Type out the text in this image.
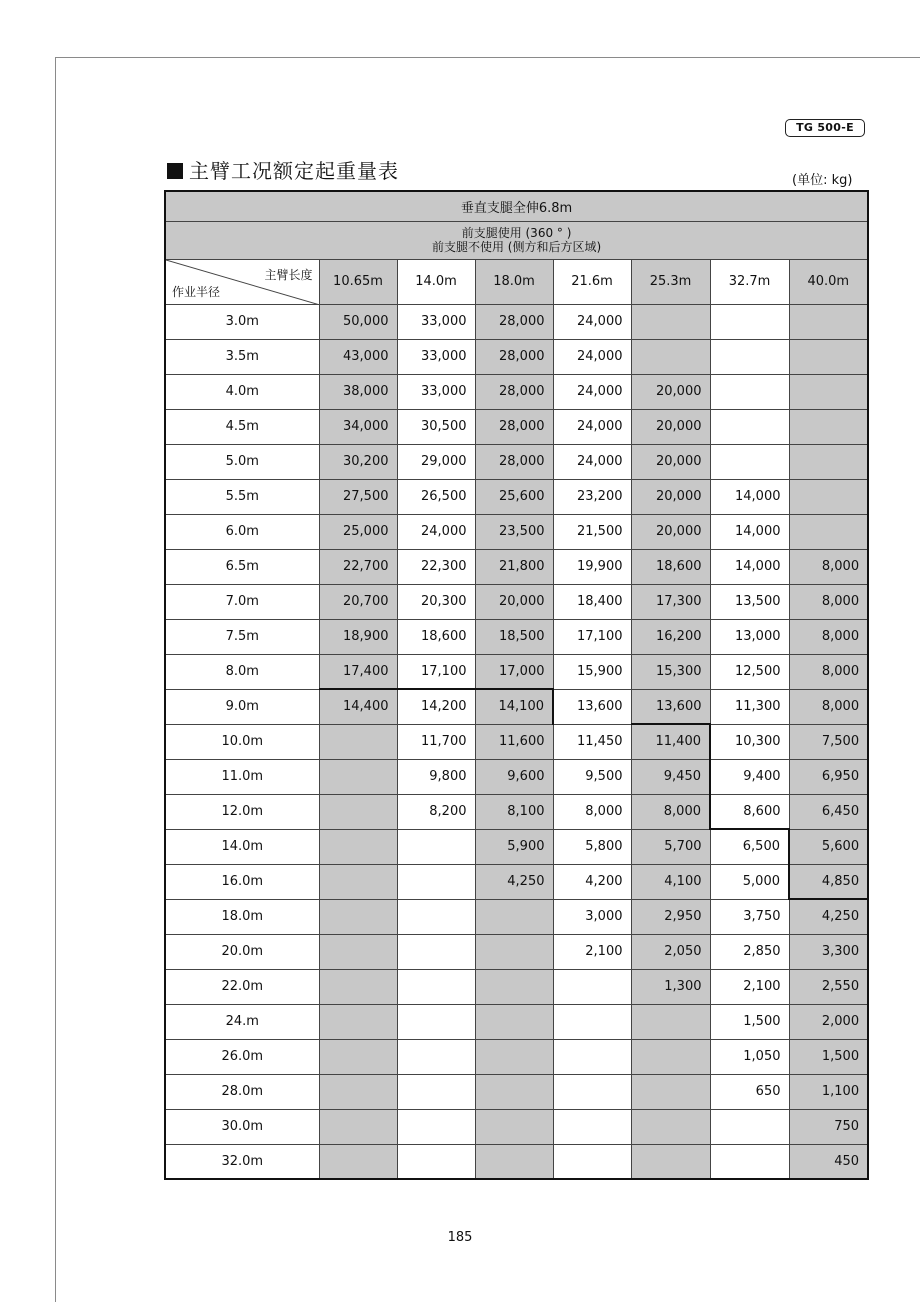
TG 500-E
主臂工况额定起重量表	(单位: kg)
垂直支腿全伸6.8m							

前支腿使用 (360 ° )
前支腿不使用 (侧方和后方区域)							

主臂长度
作业半径	10.65m	14.0m	18.0m	21.6m	25.3m	32.7m	40.0m
3.0m	50,000	33,000	28,000	24,000			
3.5m	43,000	33,000	28,000	24,000			
4.0m	38,000	33,000	28,000	24,000	20,000		
4.5m	34,000	30,500	28,000	24,000	20,000		
5.0m	30,200	29,000	28,000	24,000	20,000		
5.5m	27,500	26,500	25,600	23,200	20,000	14,000	
6.0m	25,000	24,000	23,500	21,500	20,000	14,000	
6.5m	22,700	22,300	21,800	19,900	18,600	14,000	8,000
7.0m	20,700	20,300	20,000	18,400	17,300	13,500	8,000
7.5m	18,900	18,600	18,500	17,100	16,200	13,000	8,000
8.0m	17,400	17,100	17,000	15,900	15,300	12,500	8,000
9.0m	14,400	14,200	14,100	13,600	13,600	11,300	8,000
10.0m		11,700	11,600	11,450	11,400	10,300	7,500
11.0m		9,800	9,600	9,500	9,450	9,400	6,950
12.0m		8,200	8,100	8,000	8,000	8,600	6,450
14.0m			5,900	5,800	5,700	6,500	5,600
16.0m			4,250	4,200	4,100	5,000	4,850
18.0m				3,000	2,950	3,750	4,250
20.0m				2,100	2,050	2,850	3,300
22.0m					1,300	2,100	2,550
24.m						1,500	2,000
26.0m						1,050	1,500
28.0m						650	1,100
30.0m							750
32.0m							450
185
